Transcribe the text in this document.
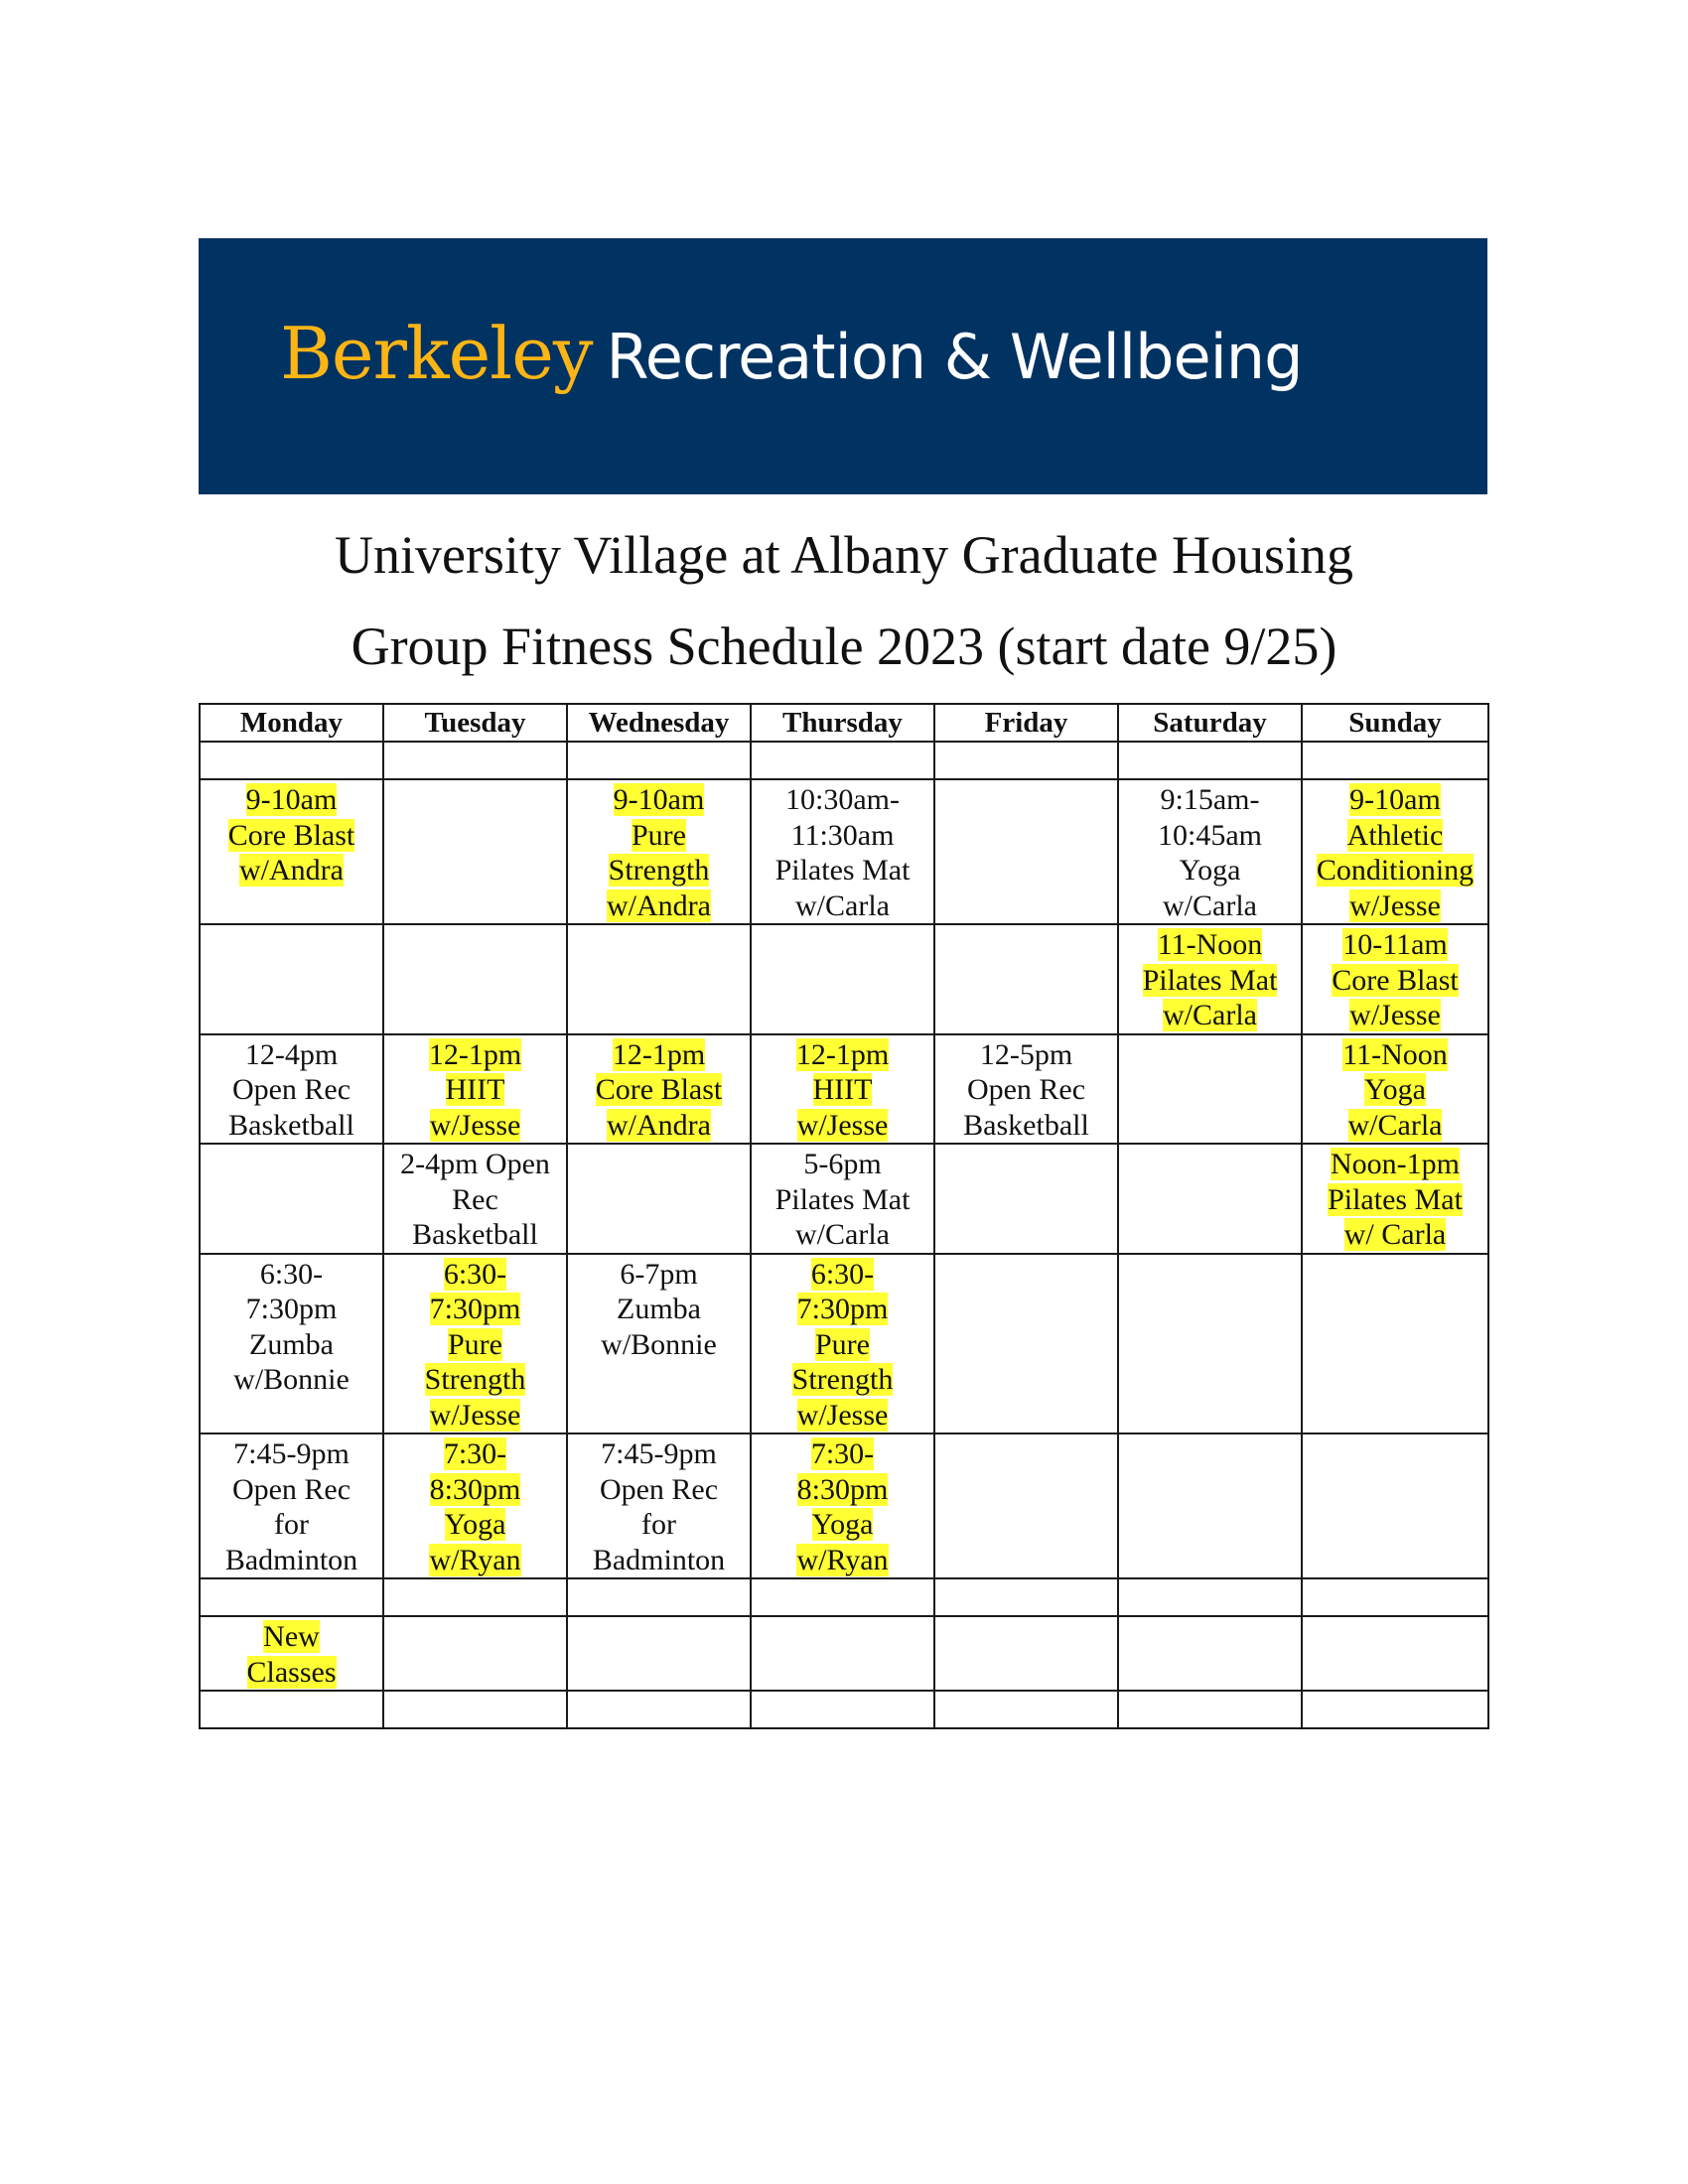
Berkeley Recreation & Wellbeing
University Village at Albany Graduate Housing
Group Fitness Schedule 2023 (start date 9/25)
Monday	Tuesday	Wednesday	Thursday	Friday	Saturday	Sunday

9-10am
Core Blast
w/Andra		9-10am
Pure
Strength
w/Andra	10:30am-
11:30am
Pilates Mat
w/Carla		9:15am-
10:45am
Yoga
w/Carla	9-10am
Athletic
Conditioning
w/Jesse

					11-Noon
Pilates Mat
w/Carla	10-11am
Core Blast
w/Jesse

12-4pm
Open Rec
Basketball	12-1pm
HIIT
w/Jesse	12-1pm
Core Blast
w/Andra	12-1pm
HIIT
w/Jesse	12-5pm
Open Rec
Basketball		11-Noon
Yoga
w/Carla

	2-4pm Open
Rec
Basketball		5-6pm
Pilates Mat
w/Carla			Noon-1pm
Pilates Mat
w/ Carla

6:30-
7:30pm
Zumba
w/Bonnie	6:30-
7:30pm
Pure
Strength
w/Jesse	6-7pm
Zumba
w/Bonnie	6:30-
7:30pm
Pure
Strength
w/Jesse			

7:45-9pm
Open Rec
for
Badminton	7:30-
8:30pm
Yoga
w/Ryan	7:45-9pm
Open Rec
for
Badminton	7:30-
8:30pm
Yoga
w/Ryan			

New
Classes						
